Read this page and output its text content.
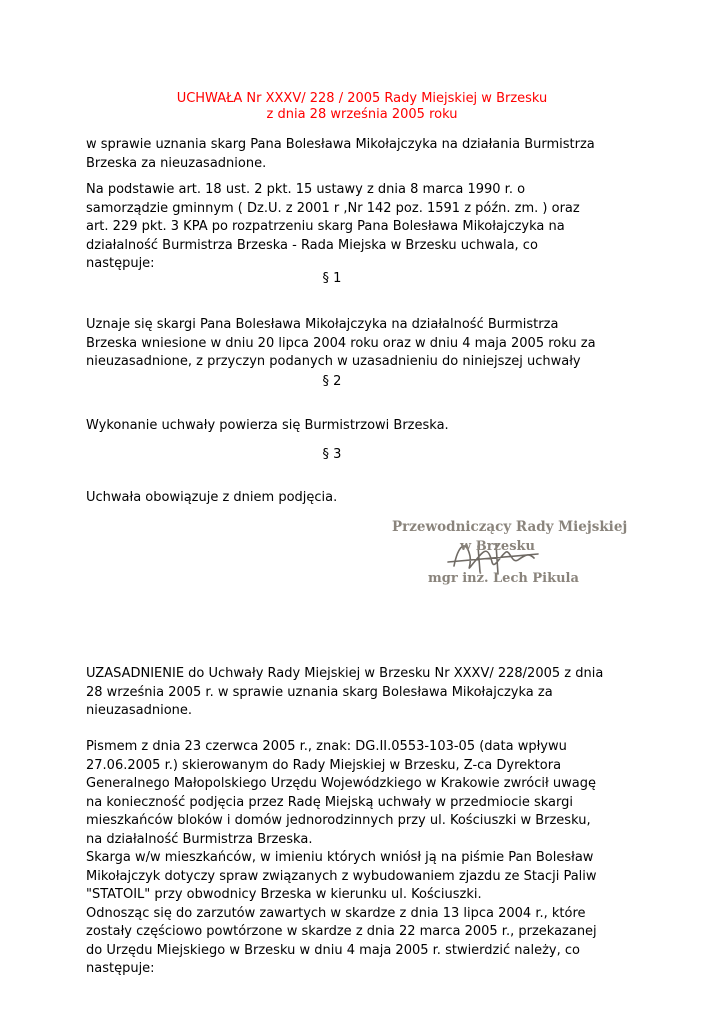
UCHWAŁA Nr XXXV/ 228 / 2005 Rady Miejskiej w Brzesku
z dnia 28 września 2005 roku
w sprawie uznania skarg Pana Bolesława Mikołajczyka na działania Burmistrza
Brzeska za nieuzasadnione.
Na podstawie art. 18 ust. 2 pkt. 15 ustawy z dnia 8 marca 1990 r. o
samorządzie gminnym ( Dz.U. z 2001 r ,Nr 142 poz. 1591 z późn. zm. ) oraz
art. 229 pkt. 3 KPA po rozpatrzeniu skarg Pana Bolesława Mikołajczyka na
działalność Burmistrza Brzeska - Rada Miejska w Brzesku uchwala, co
następuje:
§ 1
Uznaje się skargi Pana Bolesława Mikołajczyka na działalność Burmistrza
Brzeska wniesione w dniu 20 lipca 2004 roku oraz w dniu 4 maja 2005 roku za
nieuzasadnione, z przyczyn podanych w uzasadnieniu do niniejszej uchwały
§ 2
Wykonanie uchwały powierza się Burmistrzowi Brzeska.
§ 3
Uchwała obowiązuje z dniem podjęcia.
Przewodniczący Rady Miejskiej
w Brzesku
mgr inż. Lech Pikula
UZASADNIENIE do Uchwały Rady Miejskiej w Brzesku Nr XXXV/ 228/2005 z dnia
28 września 2005 r. w sprawie uznania skarg Bolesława Mikołajczyka za
nieuzasadnione.
Pismem z dnia 23 czerwca 2005 r., znak: DG.II.0553-103-05 (data wpływu
27.06.2005 r.) skierowanym do Rady Miejskiej w Brzesku, Z-ca Dyrektora
Generalnego Małopolskiego Urzędu Wojewódzkiego w Krakowie zwrócił uwagę
na konieczność podjęcia przez Radę Miejską uchwały w przedmiocie skargi
mieszkańców bloków i domów jednorodzinnych przy ul. Kościuszki w Brzesku,
na działalność Burmistrza Brzeska.
Skarga w/w mieszkańców, w imieniu których wniósł ją na piśmie Pan Bolesław
Mikołajczyk dotyczy spraw związanych z wybudowaniem zjazdu ze Stacji Paliw
"STATOIL" przy obwodnicy Brzeska w kierunku ul. Kościuszki.
Odnosząc się do zarzutów zawartych w skardze z dnia 13 lipca 2004 r., które
zostały częściowo powtórzone w skardze z dnia 22 marca 2005 r., przekazanej
do Urzędu Miejskiego w Brzesku w dniu 4 maja 2005 r. stwierdzić należy, co
następuje:
